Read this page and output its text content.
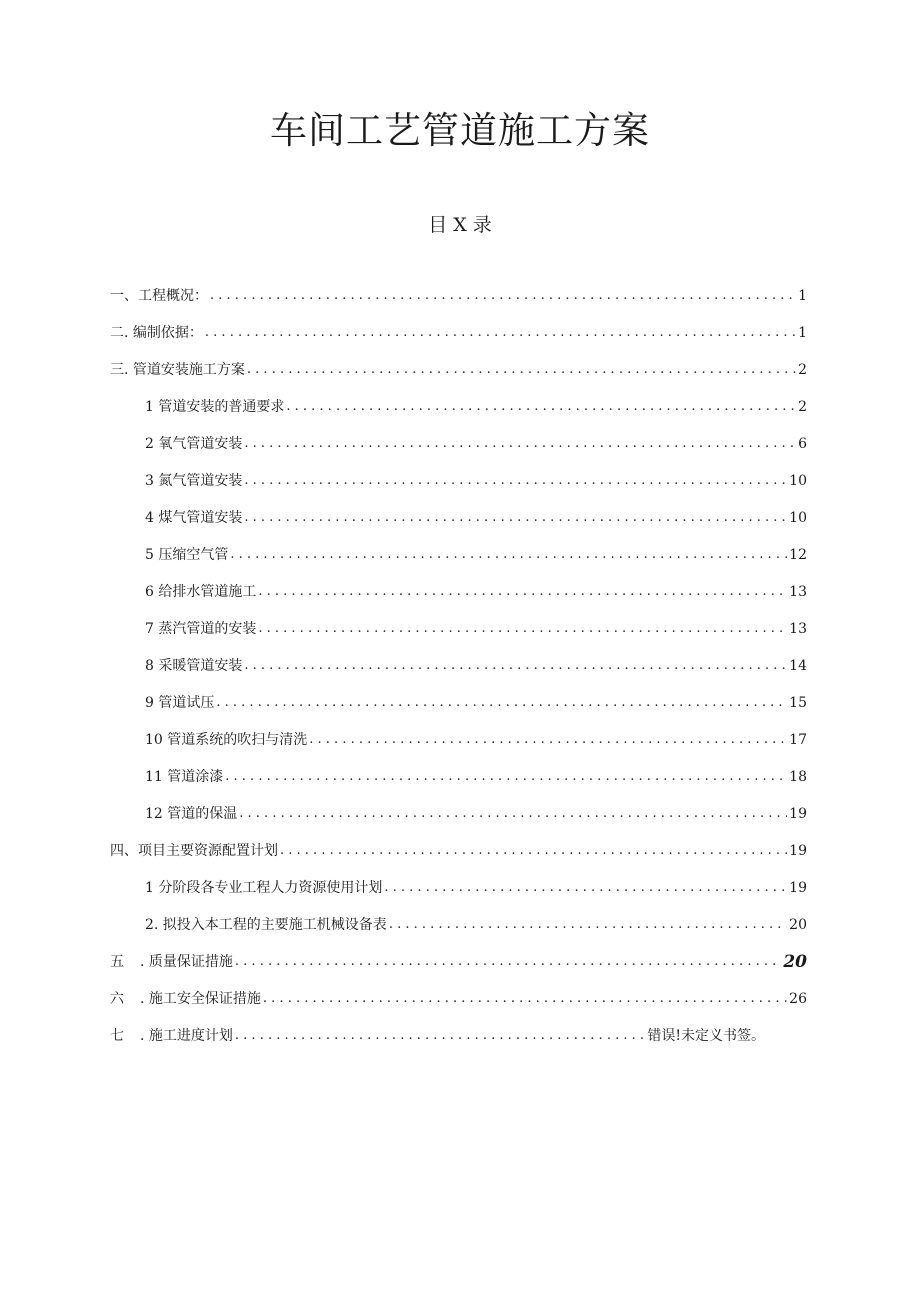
车间工艺管道施工方案
目 X 录
一、工程概况： . . .	1
二. 编制依据： . . .	1
三. 管道安装施工方案 . . .	2
1 管道安装的普通要求 . . .	2
2 氧气管道安装 . . .	6
3 氮气管道安装 . . .	10
4 煤气管道安装 . . .	10
5 压缩空气管 . . .	12
6 给排水管道施工 . . .	13
7 蒸汽管道的安装 . . .	13
8 采暖管道安装 . . .	14
9 管道试压 . . .	15
10 管道系统的吹扫与清洗 . . .	17
11 管道涂漆 . . .	18
12 管道的保温 . . .	19
四、项目主要资源配置计划 . . .	19
1 分阶段各专业工程人力资源使用计划 . . .	19
2. 拟投入本工程的主要施工机械设备表 . . .	20
五 . 质量保证措施 . . .	20
六 . 施工安全保证措施 . . .	26
七 . 施工进度计划 . . .	错误!未定义书签。
